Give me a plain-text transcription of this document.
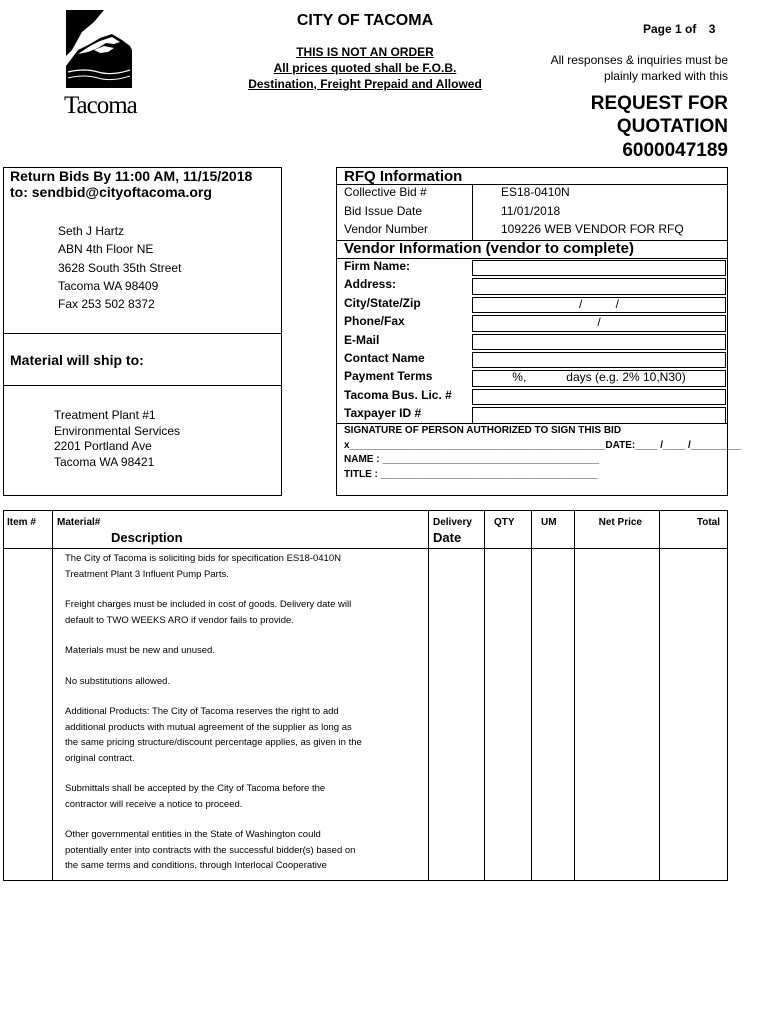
Tacoma
CITY OF TACOMA
THIS IS NOT AN ORDER
All prices quoted shall be F.O.B.
Destination, Freight Prepaid and Allowed
Page 1 of 3
All responses & inquiries must be
plainly marked with this
REQUEST FOR
QUOTATION
6000047189
Return Bids By 11:00 AM, 11/15/2018
to: sendbid@cityoftacoma.org
Seth J Hartz
ABN 4th Floor NE
3628 South 35th Street
Tacoma WA 98409
Fax 253 502 8372
Material will ship to:
Treatment Plant #1
Environmental Services
2201 Portland Ave
Tacoma WA 98421
RFQ Information
Collective Bid #	ES18-0410N
Bid Issue Date	11/01/2018
Vendor Number	109226 WEB VENDOR FOR RFQ
Vendor Information (vendor to complete)
Firm Name:
Address:
City/State/Zip	/          /
Phone/Fax	/
E-Mail
Contact Name
Payment Terms	%,            days (e.g. 2% 10,N30)
Tacoma Bus. Lic. #
Taxpayer ID #
SIGNATURE OF PERSON AUTHORIZED TO SIGN THIS BID
x______________________________________________DATE:____ /____ /_________
NAME : _______________________________________
TITLE : _______________________________________
Item # Material#
Description
Delivery
Date
QTY	UM	Net Price	Total

The City of Tacoma is soliciting bids for specification ES18-0410N
Treatment Plant 3 Influent Pump Parts.

Freight charges must be included in cost of goods. Delivery date will
default to TWO WEEKS ARO if vendor fails to provide.

Materials must be new and unused.

No substitutions allowed.

Additional Products: The City of Tacoma reserves the right to add
additional products with mutual agreement of the supplier as long as
the same pricing structure/discount percentage applies, as given in the
original contract.

Submittals shall be accepted by the City of Tacoma before the
contractor will receive a notice to proceed.

Other governmental entities in the State of Washington could
potentially enter into contracts with the successful bidder(s) based on
the same terms and conditions, through Interlocal Cooperative
